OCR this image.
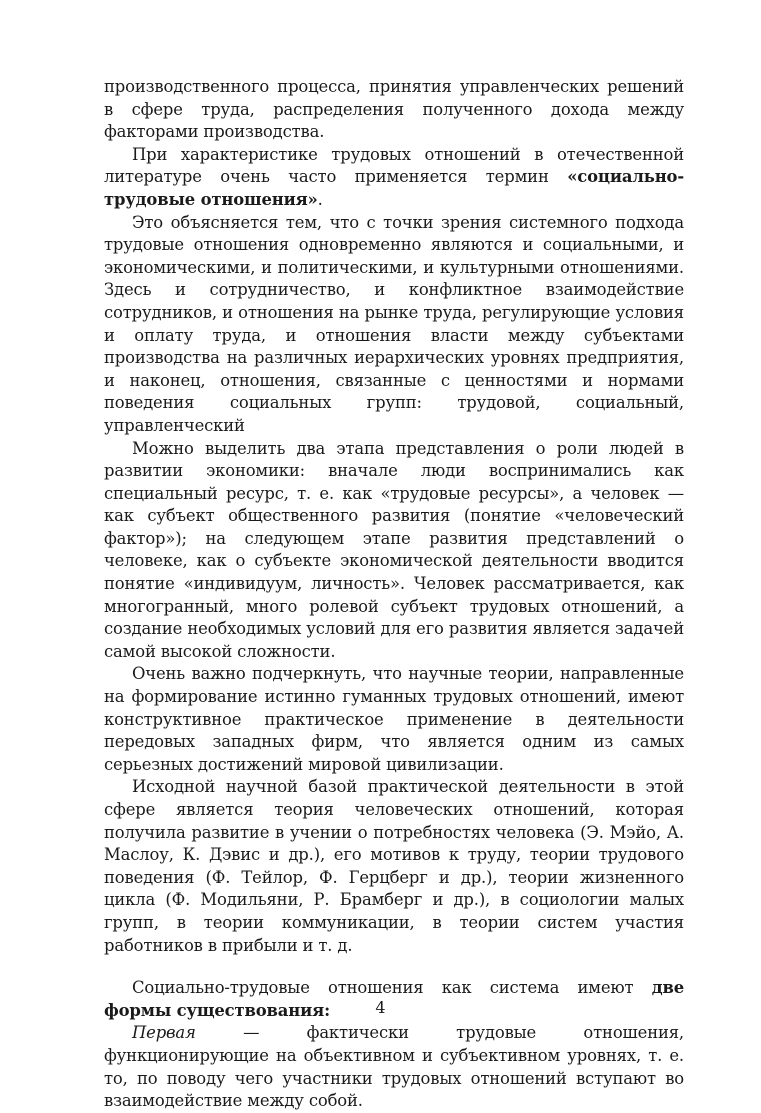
производственного процесса, принятия управленческих решений в сфере труда, распределения полученного дохода между факторами производства.

При характеристике трудовых отношений в отечественной литературе очень часто применяется термин «социально-трудовые отношения».

Это объясняется тем, что с точки зрения системного подхода трудовые отношения одновременно являются и социальными, и экономическими, и политическими, и культурными отношениями. Здесь и сотрудничество, и конфликтное взаимодействие сотрудников, и отношения на рынке труда, регулирующие условия и оплату труда, и отношения власти между субъектами производства на различных иерархических уровнях предприятия, и наконец, отношения, связанные с ценностями и нормами поведения социальных групп: трудовой, социальный, управленческий

Можно выделить два этапа представления о роли людей в развитии экономики: вначале люди воспринимались как специальный ресурс, т. е. как «трудовые ресурсы», а человек — как субъект общественного развития (понятие «человеческий фактор»); на следующем этапе развития представлений о человеке, как о субъекте экономической деятельности вводится понятие «индивидуум, личность». Человек рассматривается, как многогранный, много ролевой субъект трудовых отношений, а создание необходимых условий для его развития является задачей самой высокой сложности.

Очень важно подчеркнуть, что научные теории, направленные на формирование истинно гуманных трудовых отношений, имеют конструктивное практическое применение в деятельности передовых западных фирм, что является одним из самых серьезных достижений мировой цивилизации.

Исходной научной базой практической деятельности в этой сфере является теория человеческих отношений, которая получила развитие в учении о потребностях человека (Э. Мэйо, А. Маслоу, К. Дэвис и др.), его мотивов к труду, теории трудового поведения (Ф. Тейлор, Ф. Герцберг и др.), теории жизненного цикла (Ф. Модильяни, Р. Брамберг и др.), в социологии малых групп, в теории коммуникации, в теории систем участия работников в прибыли и т. д.

Социально-трудовые отношения как система имеют две формы существования:

Первая — фактически трудовые отношения, функционирующие на объективном и субъективном уровнях, т. е. то, по поводу чего участники трудовых отношений вступают во взаимодействие между собой.

4
